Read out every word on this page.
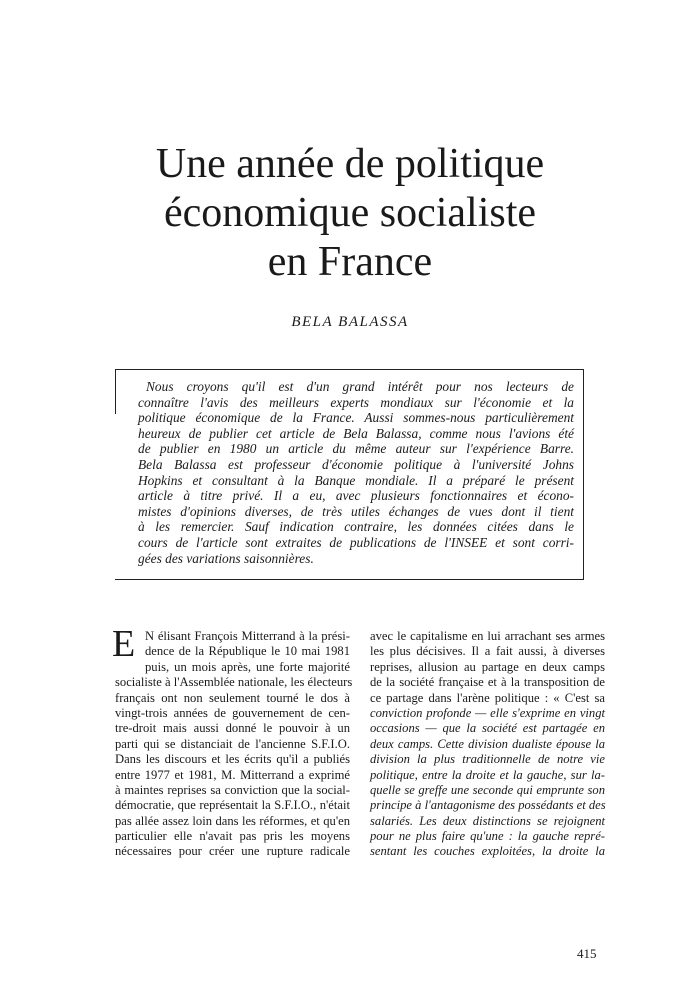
Une année de politique
économique socialiste
en France
BELA BALASSA
Nous croyons qu'il est d'un grand intérêt pour nos lecteurs de
connaître l'avis des meilleurs experts mondiaux sur l'économie et la
politique économique de la France. Aussi sommes-nous particulièrement
heureux de publier cet article de Bela Balassa, comme nous l'avions été
de publier en 1980 un article du même auteur sur l'expérience Barre.
Bela Balassa est professeur d'économie politique à l'université Johns
Hopkins et consultant à la Banque mondiale. Il a préparé le présent
article à titre privé. Il a eu, avec plusieurs fonctionnaires et écono-
mistes d'opinions diverses, de très utiles échanges de vues dont il tient
à les remercier. Sauf indication contraire, les données citées dans le
cours de l'article sont extraites de publications de l'INSEE et sont corri-
gées des variations saisonnières.
E N élisant François Mitterrand à la prési-
dence de la République le 10 mai 1981
puis, un mois après, une forte majorité
socialiste à l'Assemblée nationale, les électeurs
français ont non seulement tourné le dos à
vingt-trois années de gouvernement de cen-
tre-droit mais aussi donné le pouvoir à un
parti qui se distanciait de l'ancienne S.F.I.O.
Dans les discours et les écrits qu'il a publiés
entre 1977 et 1981, M. Mitterrand a exprimé
à maintes reprises sa conviction que la social-
démocratie, que représentait la S.F.I.O., n'était
pas allée assez loin dans les réformes, et qu'en
particulier elle n'avait pas pris les moyens
nécessaires pour créer une rupture radicale
avec le capitalisme en lui arrachant ses armes
les plus décisives. Il a fait aussi, à diverses
reprises, allusion au partage en deux camps
de la société française et à la transposition de
ce partage dans l'arène politique : « C'est sa
conviction profonde — elle s'exprime en vingt
occasions — que la société est partagée en
deux camps. Cette division dualiste épouse la
division la plus traditionnelle de notre vie
politique, entre la droite et la gauche, sur la-
quelle se greffe une seconde qui emprunte son
principe à l'antagonisme des possédants et des
salariés. Les deux distinctions se rejoignent
pour ne plus faire qu'une : la gauche repré-
sentant les couches exploitées, la droite la
415
